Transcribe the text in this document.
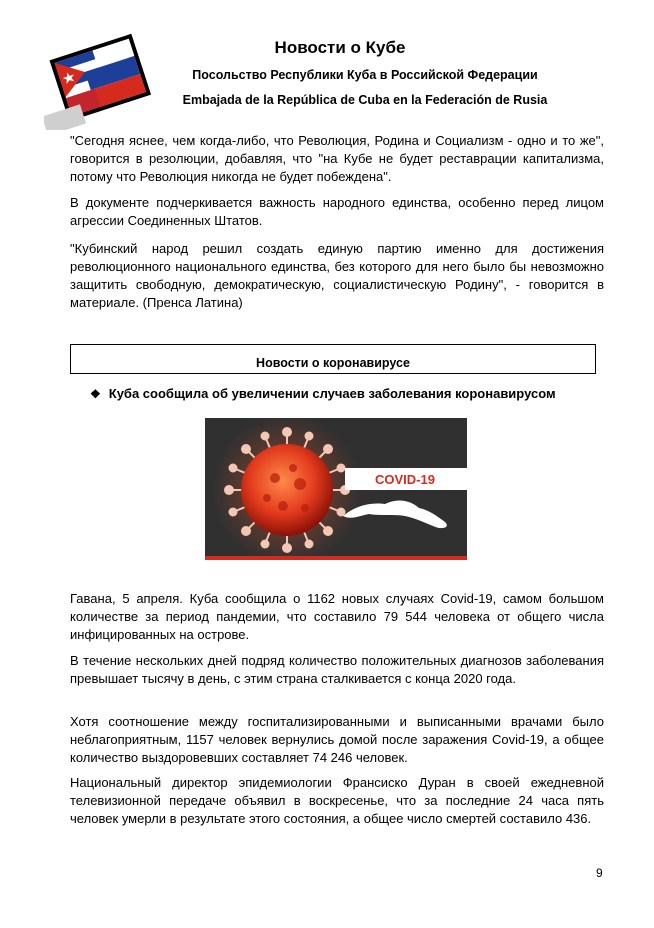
Новости о Кубе
Посольство Республики Куба в Российской Федерации
Embajada de la República de Cuba en la Federación de Rusia

"Сегодня яснее, чем когда-либо, что Революция, Родина и Социализм - одно и то же", говорится в резолюции, добавляя, что "на Кубе не будет реставрации капитализма, потому что Революция никогда не будет побеждена".

В документе подчеркивается важность народного единства, особенно перед лицом агрессии Соединенных Штатов.

"Кубинский народ решил создать единую партию именно для достижения революционного национального единства, без которого для него было бы невозможно защитить свободную, демократическую, социалистическую Родину", - говорится в материале. (Пренса Латина)

Новости о коронавирусе
❖ Куба сообщила об увеличении случаев заболевания коронавирусом
COVID-19

Гавана, 5 апреля. Куба сообщила о 1162 новых случаях Covid-19, самом большом количестве за период пандемии, что составило 79 544 человека от общего числа инфицированных на острове.

В течение нескольких дней подряд количество положительных диагнозов заболевания превышает тысячу в день, с этим страна сталкивается с конца 2020 года.

Хотя соотношение между госпитализированными и выписанными врачами было неблагоприятным, 1157 человек вернулись домой после заражения Covid-19, а общее количество выздоровевших составляет 74 246 человек.

Национальный директор эпидемиологии Франсиско Дуран в своей ежедневной телевизионной передаче объявил в воскресенье, что за последние 24 часа пять человек умерли в результате этого состояния, а общее число смертей составило 436.

9
